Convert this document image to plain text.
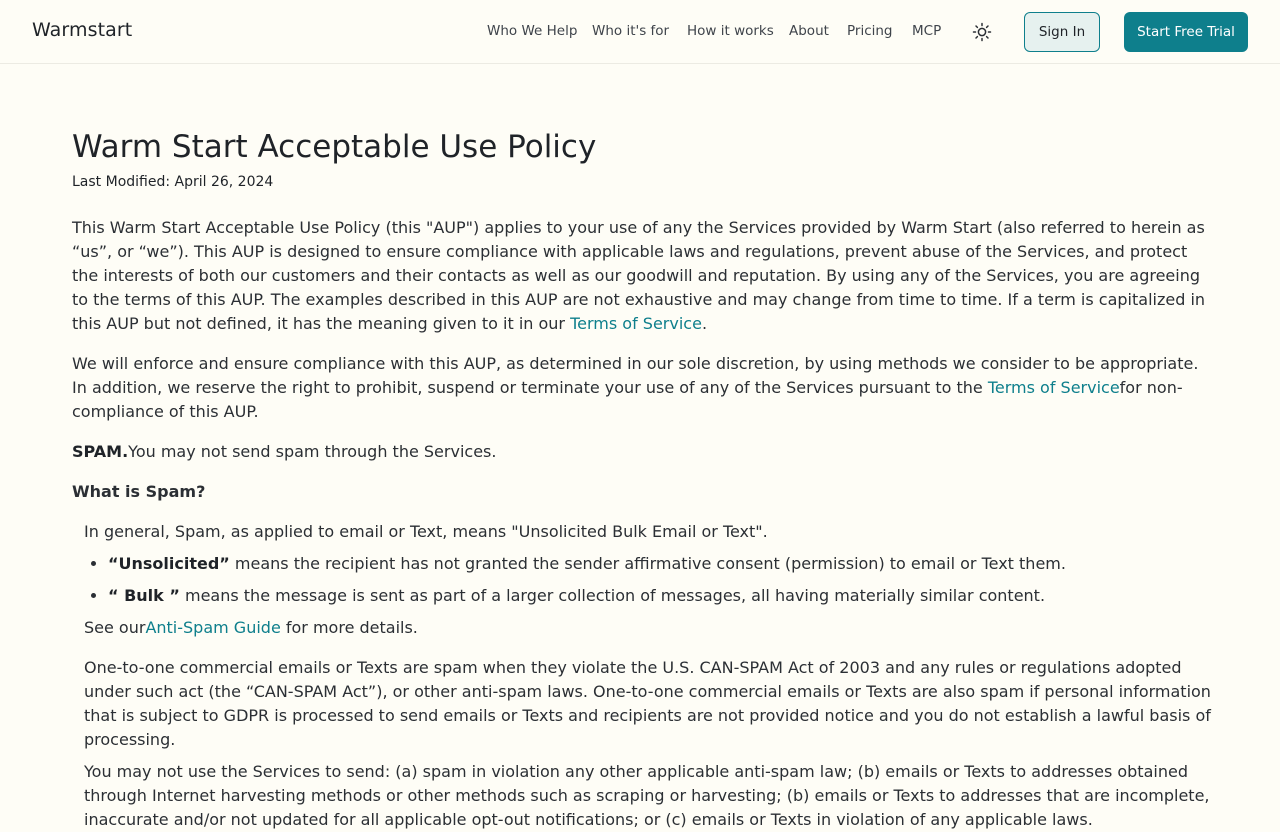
Warmstart	Who We Help Who it's for How it works About Pricing MCP	Sign In	Start Free Trial
Warm Start Acceptable Use Policy
Last Modified: April 26, 2024

This Warm Start Acceptable Use Policy (this "AUP") applies to your use of any the Services provided by Warm Start (also referred to herein as “us”, or “we”). This AUP is designed to ensure compliance with applicable laws and regulations, prevent abuse of the Services, and protect the interests of both our customers and their contacts as well as our goodwill and reputation. By using any of the Services, you are agreeing to the terms of this AUP. The examples described in this AUP are not exhaustive and may change from time to time. If a term is capitalized in this AUP but not defined, it has the meaning given to it in our Terms of Service.

We will enforce and ensure compliance with this AUP, as determined in our sole discretion, by using methods we consider to be appropriate. In addition, we reserve the right to prohibit, suspend or terminate your use of any of the Services pursuant to the Terms of Servicefor non-compliance of this AUP.

SPAM.You may not send spam through the Services.

What is Spam?

In general, Spam, as applied to email or Text, means "Unsolicited Bulk Email or Text".

• “Unsolicited” means the recipient has not granted the sender affirmative consent (permission) to email or Text them.
• “ Bulk ” means the message is sent as part of a larger collection of messages, all having materially similar content.

See ourAnti-Spam Guide for more details.

One-to-one commercial emails or Texts are spam when they violate the U.S. CAN-SPAM Act of 2003 and any rules or regulations adopted under such act (the “CAN-SPAM Act”), or other anti-spam laws. One-to-one commercial emails or Texts are also spam if personal information that is subject to GDPR is processed to send emails or Texts and recipients are not provided notice and you do not establish a lawful basis of processing.

You may not use the Services to send: (a) spam in violation any other applicable anti-spam law; (b) emails or Texts to addresses obtained through Internet harvesting methods or other methods such as scraping or harvesting; (b) emails or Texts to addresses that are incomplete, inaccurate and/or not updated for all applicable opt-out notifications; or (c) emails or Texts in violation of any applicable laws.
